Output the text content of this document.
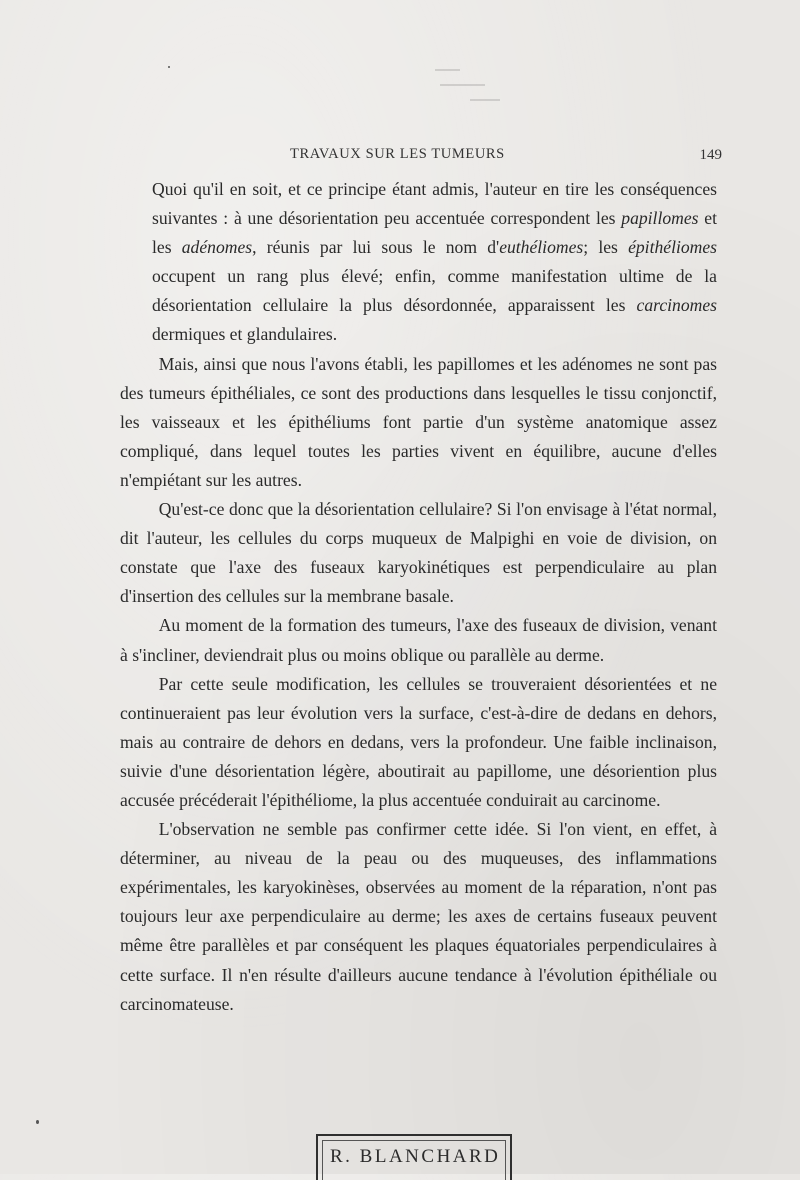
TRAVAUX SUR LES TUMEURS	149

Quoi qu'il en soit, et ce principe étant admis, l'auteur en tire les conséquences suivantes : à une désorientation peu accentuée correspondent les papillomes et les adénomes, réunis par lui sous le nom d'euthéliomes; les épithéliomes occupent un rang plus élevé; enfin, comme manifestation ultime de la désorientation cellulaire la plus désordonnée, apparaissent les carcinomes dermiques et glandulaires.

Mais, ainsi que nous l'avons établi, les papillomes et les adénomes ne sont pas des tumeurs épithéliales, ce sont des productions dans lesquelles le tissu conjonctif, les vaisseaux et les épithéliums font partie d'un système anatomique assez compliqué, dans lequel toutes les parties vivent en équilibre, aucune d'elles n'empiétant sur les autres.

Qu'est-ce donc que la désorientation cellulaire? Si l'on envisage à l'état normal, dit l'auteur, les cellules du corps muqueux de Malpighi en voie de division, on constate que l'axe des fuseaux karyokinétiques est perpendiculaire au plan d'insertion des cellules sur la membrane basale.

Au moment de la formation des tumeurs, l'axe des fuseaux de division, venant à s'incliner, deviendrait plus ou moins oblique ou parallèle au derme.

Par cette seule modification, les cellules se trouveraient désorientées et ne continueraient pas leur évolution vers la surface, c'est-à-dire de dedans en dehors, mais au contraire de dehors en dedans, vers la profondeur. Une faible inclinaison, suivie d'une désorientation légère, aboutirait au papillome, une désoriention plus accusée précéderait l'épithéliome, la plus accentuée conduirait au carcinome.

L'observation ne semble pas confirmer cette idée. Si l'on vient, en effet, à déterminer, au niveau de la peau ou des muqueuses, des inflammations expérimentales, les karyokinèses, observées au moment de la réparation, n'ont pas toujours leur axe perpendiculaire au derme; les axes de certains fuseaux peuvent même être parallèles et par conséquent les plaques équatoriales perpendiculaires à cette surface. Il n'en résulte d'ailleurs aucune tendance à l'évolution épithéliale ou carcinomateuse.

R. BLANCHARD
